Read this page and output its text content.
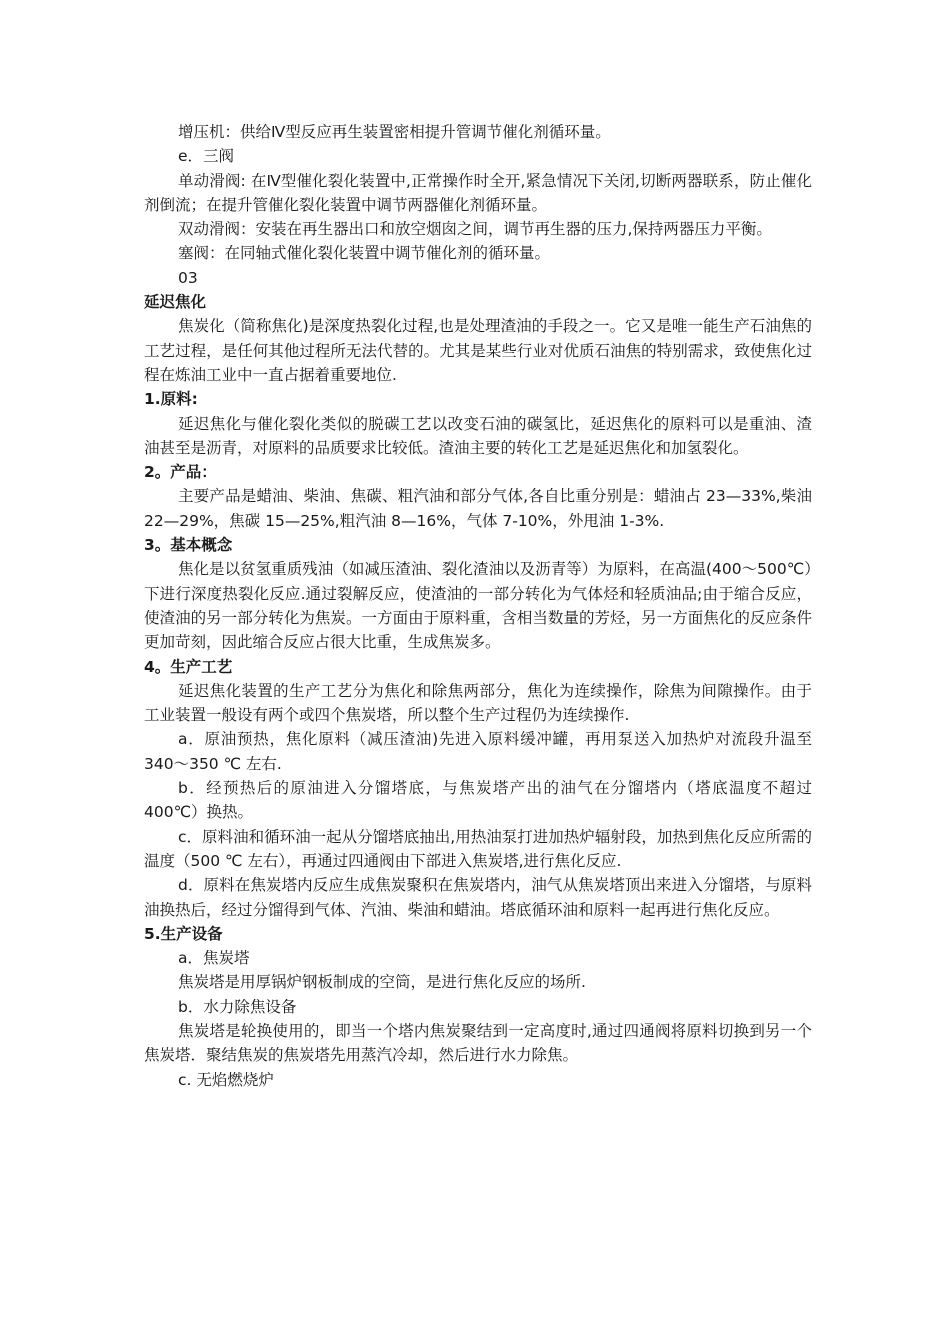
增压机：供给Ⅳ型反应再生装置密相提升管调节催化剂循环量。

e．三阀

单动滑阀: 在Ⅳ型催化裂化装置中,正常操作时全开,紧急情况下关闭,切断两器联系，防止催化剂倒流；在提升管催化裂化装置中调节两器催化剂循环量。

双动滑阀：安装在再生器出口和放空烟囱之间，调节再生器的压力,保持两器压力平衡。

塞阀：在同轴式催化裂化装置中调节催化剂的循环量。

03

延迟焦化

焦炭化（简称焦化)是深度热裂化过程,也是处理渣油的手段之一。它又是唯一能生产石油焦的工艺过程，是任何其他过程所无法代替的。尤其是某些行业对优质石油焦的特别需求，致使焦化过程在炼油工业中一直占据着重要地位.

1.原料:

延迟焦化与催化裂化类似的脱碳工艺以改变石油的碳氢比，延迟焦化的原料可以是重油、渣油甚至是沥青，对原料的品质要求比较低。渣油主要的转化工艺是延迟焦化和加氢裂化。

2。产品：

主要产品是蜡油、柴油、焦碳、粗汽油和部分气体,各自比重分别是：蜡油占 23—33%,柴油 22—29%，焦碳 15—25%,粗汽油 8—16%，气体 7-10%，外甩油 1-3%.

3。基本概念

焦化是以贫氢重质残油（如减压渣油、裂化渣油以及沥青等）为原料，在高温(400～500℃）下进行深度热裂化反应.通过裂解反应，使渣油的一部分转化为气体烃和轻质油品;由于缩合反应，使渣油的另一部分转化为焦炭。一方面由于原料重，含相当数量的芳烃，另一方面焦化的反应条件更加苛刻，因此缩合反应占很大比重，生成焦炭多。

4。生产工艺

延迟焦化装置的生产工艺分为焦化和除焦两部分，焦化为连续操作，除焦为间隙操作。由于工业装置一般设有两个或四个焦炭塔，所以整个生产过程仍为连续操作.

a．原油预热，焦化原料（减压渣油)先进入原料缓冲罐，再用泵送入加热炉对流段升温至 340～350 ℃ 左右.

b．经预热后的原油进入分馏塔底，与焦炭塔产出的油气在分馏塔内（塔底温度不超过 400℃）换热。

c．原料油和循环油一起从分馏塔底抽出,用热油泵打进加热炉辐射段，加热到焦化反应所需的温度（500 ℃ 左右），再通过四通阀由下部进入焦炭塔,进行焦化反应.

d．原料在焦炭塔内反应生成焦炭聚积在焦炭塔内，油气从焦炭塔顶出来进入分馏塔，与原料油换热后，经过分馏得到气体、汽油、柴油和蜡油。塔底循环油和原料一起再进行焦化反应。

5.生产设备

a．焦炭塔

焦炭塔是用厚锅炉钢板制成的空筒，是进行焦化反应的场所.

b．水力除焦设备

焦炭塔是轮换使用的，即当一个塔内焦炭聚结到一定高度时,通过四通阀将原料切换到另一个焦炭塔．聚结焦炭的焦炭塔先用蒸汽冷却，然后进行水力除焦。

c. 无焰燃烧炉
